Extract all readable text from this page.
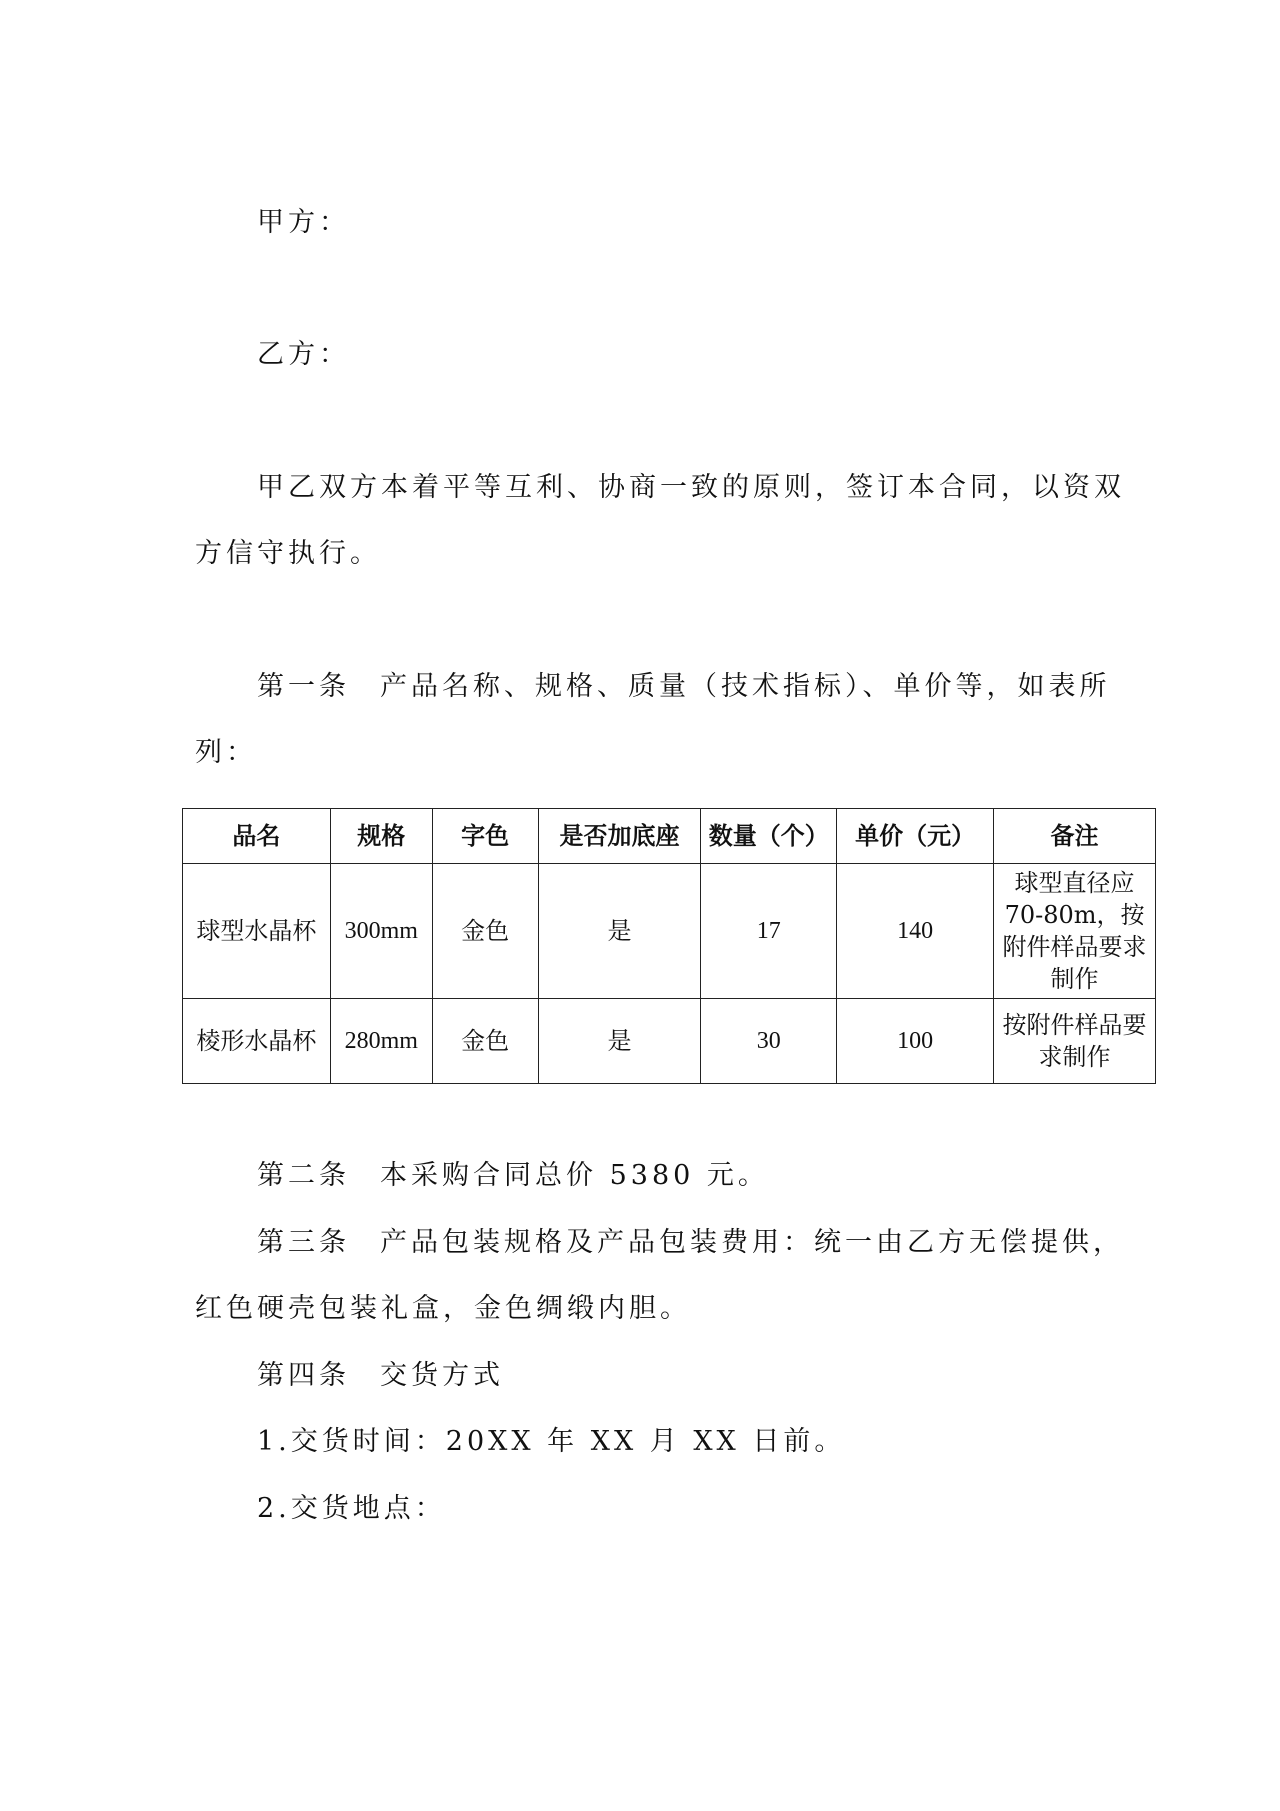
甲方：
乙方：
甲乙双方本着平等互利、协商一致的原则，签订本合同，以资双
方信守执行。
第一条 产品名称、规格、质量（技术指标）、单价等，如表所
列：
品名	规格	字色	是否加底座	数量（个）	单价（元）	备注
球型水晶杯	300mm	金色	是	17	140	球型直径应70-80m，按附件样品要求制作
棱形水晶杯	280mm	金色	是	30	100	按附件样品要求制作
第二条 本采购合同总价 5380 元。
第三条 产品包装规格及产品包装费用：统一由乙方无偿提供，
红色硬壳包装礼盒，金色绸缎内胆。
第四条 交货方式
1.交货时间：20XX 年 XX 月 XX 日前。
2.交货地点：
